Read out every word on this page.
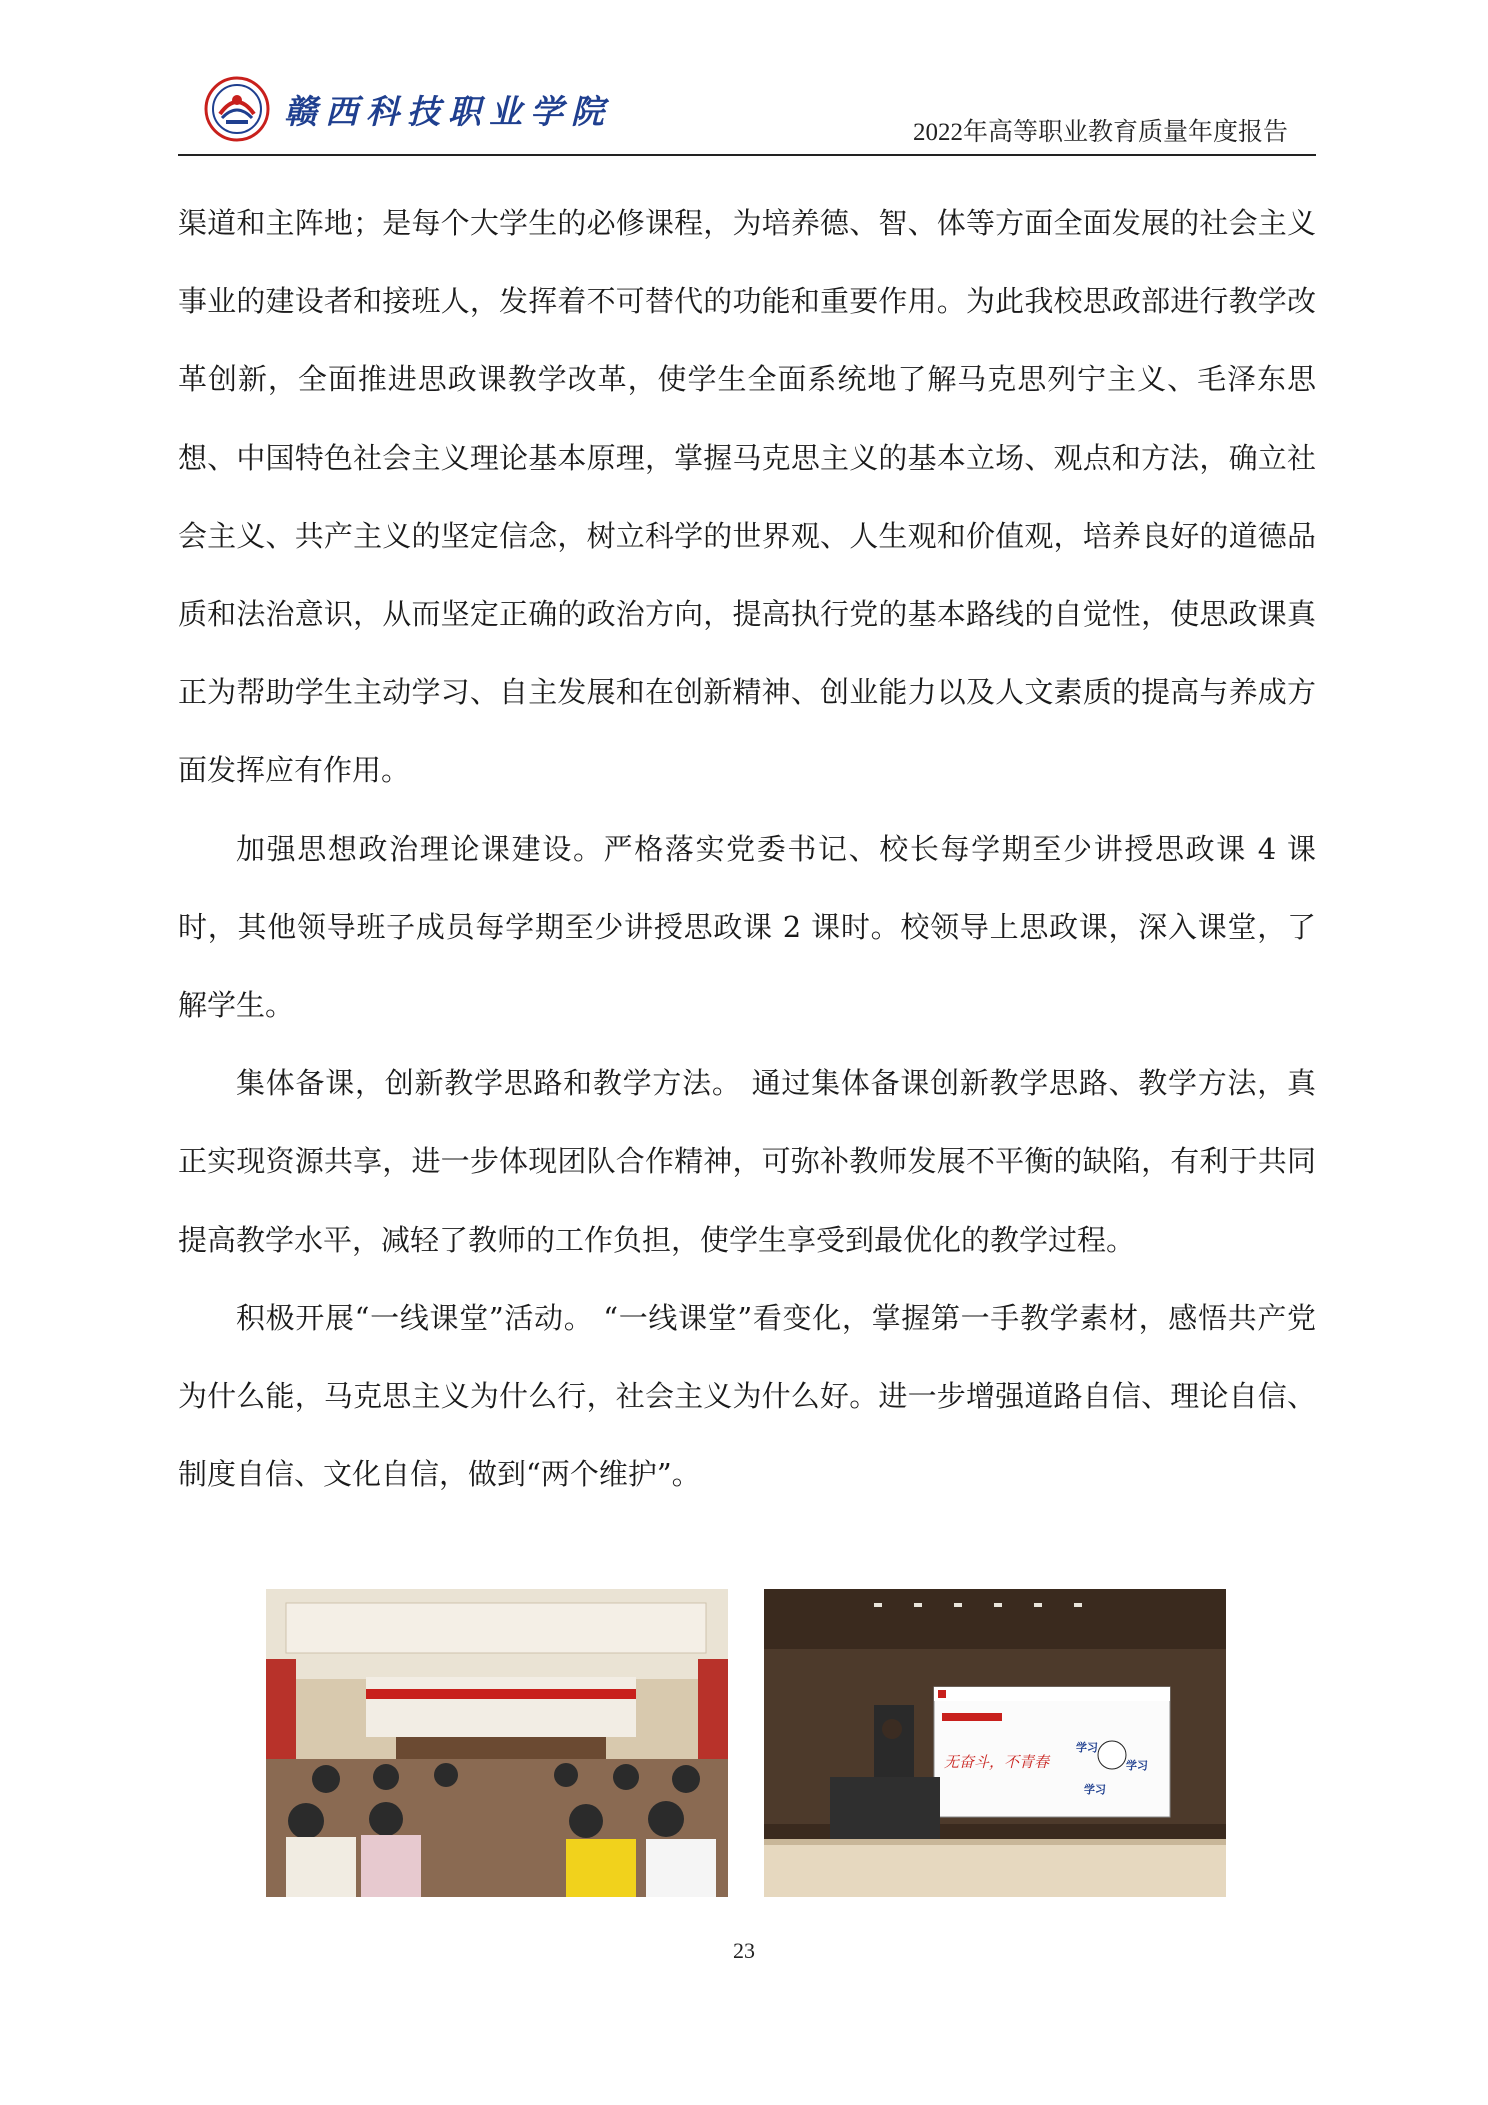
赣西科技职业学院
2022年高等职业教育质量年度报告

渠道和主阵地；是每个大学生的必修课程，为培养德、智、体等方面全面发展的社会主义事业的建设者和接班人，发挥着不可替代的功能和重要作用。为此我校思政部进行教学改革创新，全面推进思政课教学改革，使学生全面系统地了解马克思列宁主义、毛泽东思想、中国特色社会主义理论基本原理，掌握马克思主义的基本立场、观点和方法，确立社会主义、共产主义的坚定信念，树立科学的世界观、人生观和价值观，培养良好的道德品质和法治意识，从而坚定正确的政治方向，提高执行党的基本路线的自觉性，使思政课真正为帮助学生主动学习、自主发展和在创新精神、创业能力以及人文素质的提高与养成方面发挥应有作用。

加强思想政治理论课建设。严格落实党委书记、校长每学期至少讲授思政课 4 课时，其他领导班子成员每学期至少讲授思政课 2 课时。校领导上思政课，深入课堂，了解学生。

集体备课，创新教学思路和教学方法。 通过集体备课创新教学思路、教学方法，真正实现资源共享，进一步体现团队合作精神，可弥补教师发展不平衡的缺陷，有利于共同提高教学水平，减轻了教师的工作负担，使学生享受到最优化的教学过程。

积极开展“一线课堂”活动。 “一线课堂”看变化，掌握第一手教学素材，感悟共产党为什么能，马克思主义为什么行，社会主义为什么好。进一步增强道路自信、理论自信、制度自信、文化自信，做到“两个维护”。

无奋斗，不青春
学习
学习
学习
23
